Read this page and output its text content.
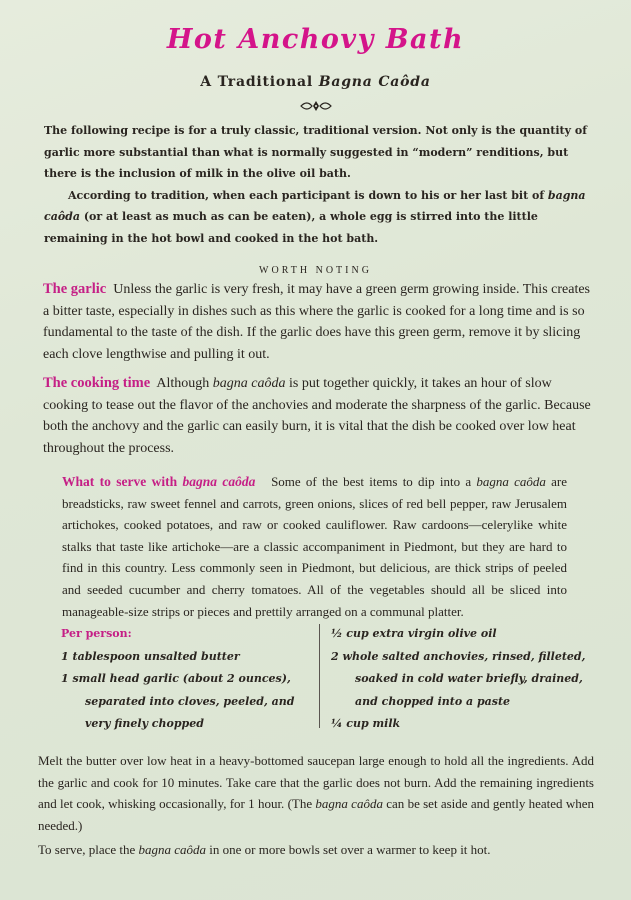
Hot Anchovy Bath
A Traditional Bagna Caôda

The following recipe is for a truly classic, traditional version. Not only is the quantity of garlic more substantial than what is normally suggested in “modern” renditions, but there is the inclusion of milk in the olive oil bath.

According to tradition, when each participant is down to his or her last bit of bagna caôda (or at least as much as can be eaten), a whole egg is stirred into the little remaining in the hot bowl and cooked in the hot bath.

WORTH NOTING
The garlic Unless the garlic is very fresh, it may have a green germ growing inside. This creates a bitter taste, especially in dishes such as this where the garlic is cooked for a long time and is so fundamental to the taste of the dish. If the garlic does have this green germ, remove it by slicing each clove lengthwise and pulling it out.
The cooking time Although bagna caôda is put together quickly, it takes an hour of slow cooking to tease out the flavor of the anchovies and moderate the sharpness of the garlic. Because both the anchovy and the garlic can easily burn, it is vital that the dish be cooked over low heat throughout the process.
What to serve with bagna caôda Some of the best items to dip into a bagna caôda are breadsticks, raw sweet fennel and carrots, green onions, slices of red bell pepper, raw Jerusalem artichokes, cooked potatoes, and raw or cooked cauliflower. Raw cardoons—celerylike white stalks that taste like artichoke—are a classic accompaniment in Piedmont, but they are hard to find in this country. Less commonly seen in Piedmont, but delicious, are thick strips of peeled and seeded cucumber and cherry tomatoes. All of the vegetables should all be sliced into manageable-size strips or pieces and prettily arranged on a communal platter.
Per person:
1 tablespoon unsalted butter
1 small head garlic (about 2 ounces),
separated into cloves, peeled, and
very finely chopped
½ cup extra virgin olive oil
2 whole salted anchovies, rinsed, filleted,
soaked in cold water briefly, drained,
and chopped into a paste
¼ cup milk
Melt the butter over low heat in a heavy-bottomed saucepan large enough to hold all the ingredients. Add the garlic and cook for 10 minutes. Take care that the garlic does not burn. Add the remaining ingredients and let cook, whisking occasionally, for 1 hour. (The bagna caôda can be set aside and gently heated when needed.)
To serve, place the bagna caôda in one or more bowls set over a warmer to keep it hot.
